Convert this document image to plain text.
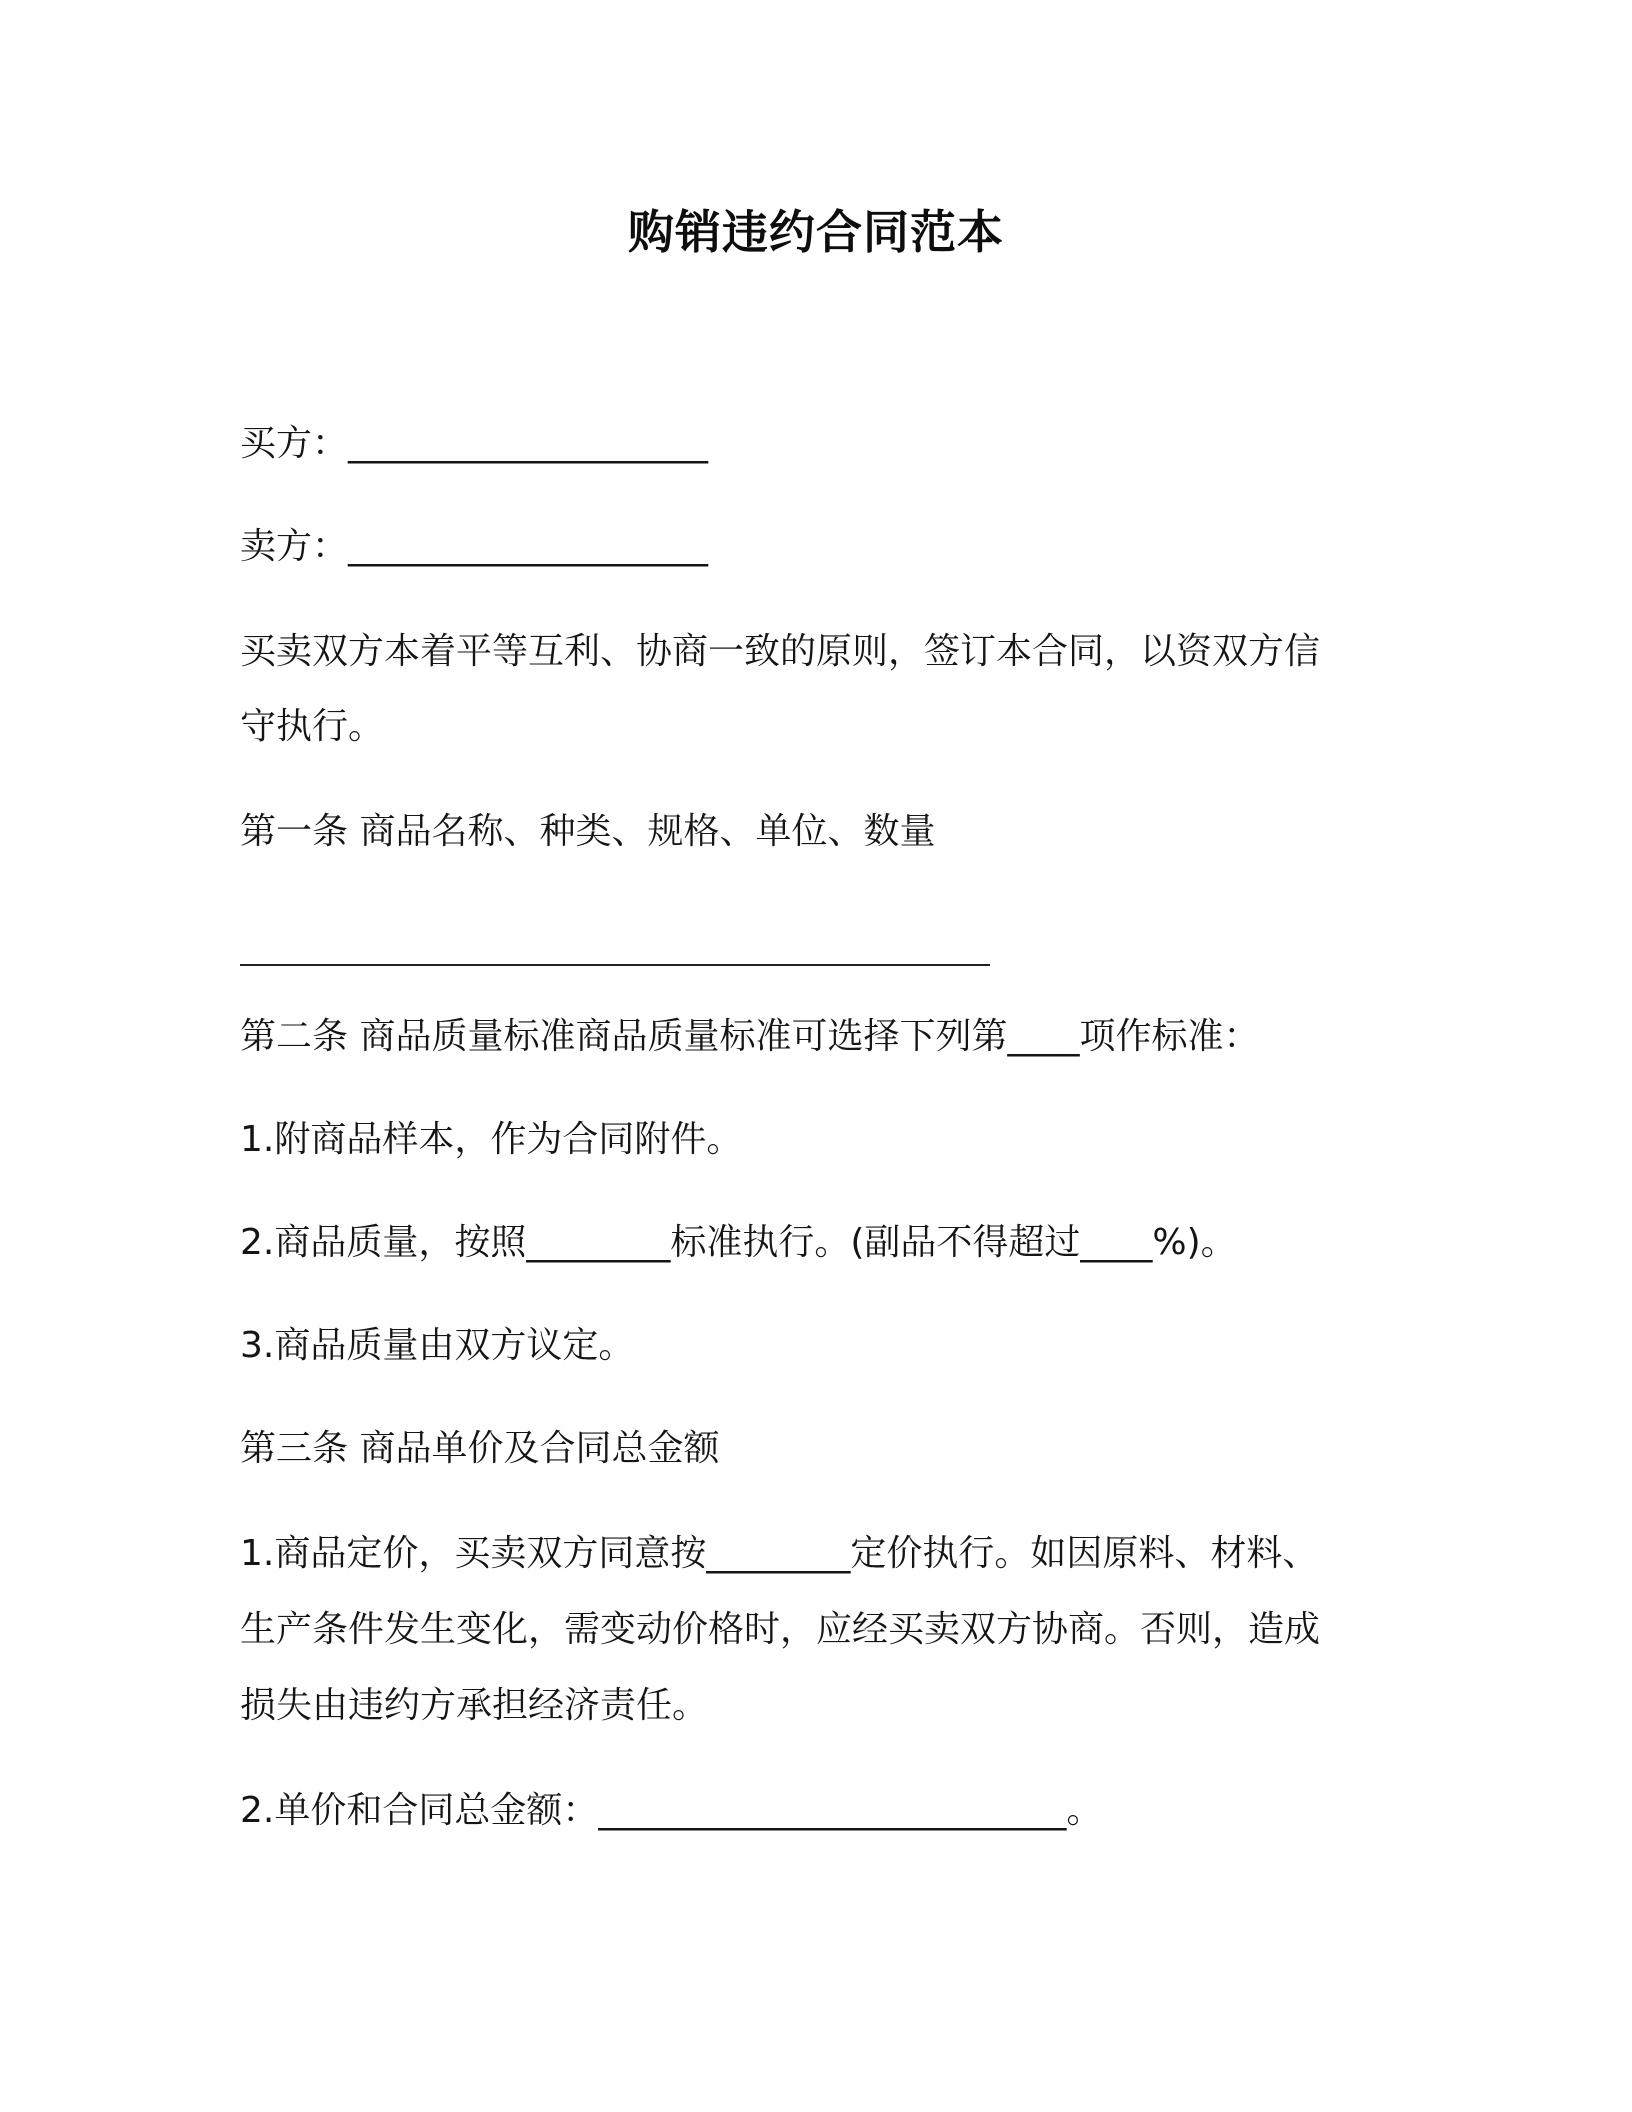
购销违约合同范本
买方：____________________
卖方：____________________
买卖双方本着平等互利、协商一致的原则，签订本合同，以资双方信
守执行。
第一条 商品名称、种类、规格、单位、数量
第二条 商品质量标准商品质量标准可选择下列第____项作标准：
1.附商品样本，作为合同附件。
2.商品质量，按照________标准执行。(副品不得超过____%)。
3.商品质量由双方议定。
第三条 商品单价及合同总金额
1.商品定价，买卖双方同意按________定价执行。如因原料、材料、
生产条件发生变化，需变动价格时，应经买卖双方协商。否则，造成
损失由违约方承担经济责任。
2.单价和合同总金额：__________________________。
